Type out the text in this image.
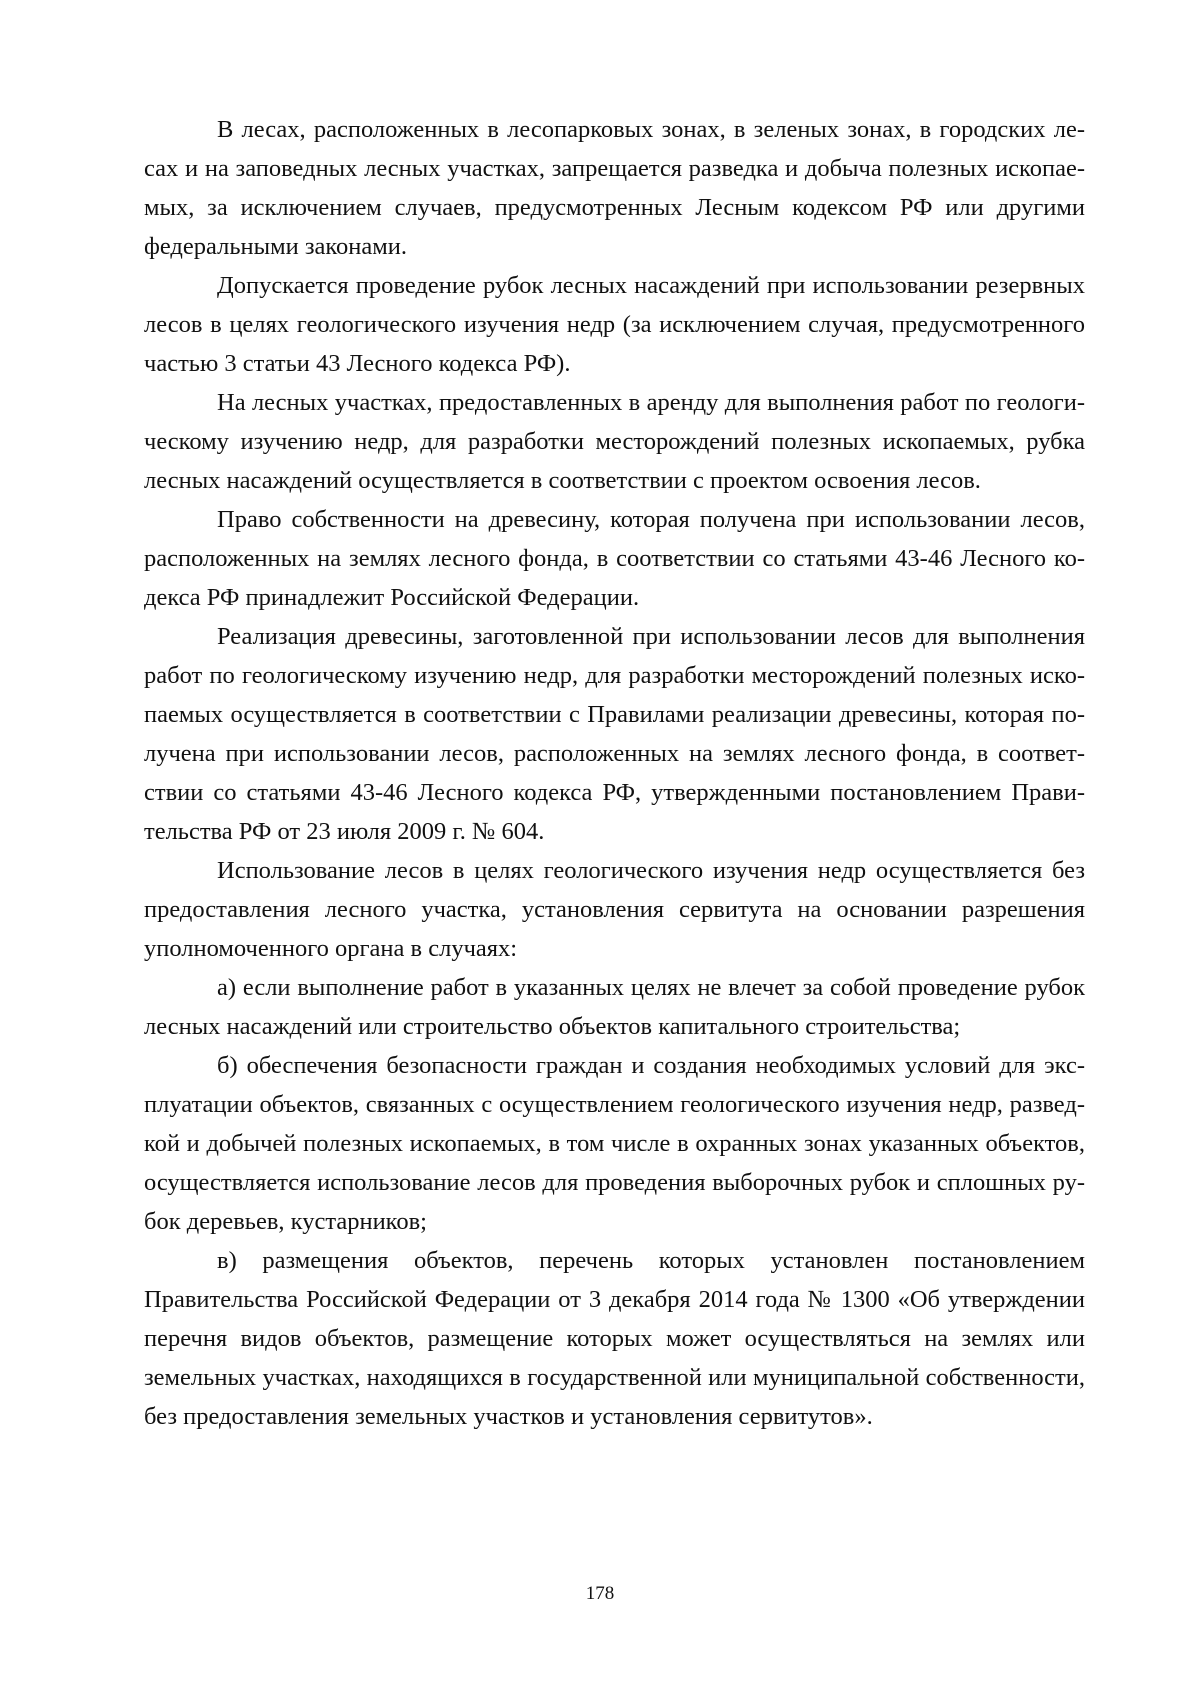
В лесах, расположенных в лесопарковых зонах, в зеленых зонах, в городских лесах и на заповедных лесных участках, запрещается разведка и добыча полезных ископаемых, за исключением случаев, предусмотренных Лесным кодексом РФ или другими федеральными законами.

Допускается проведение рубок лесных насаждений при использовании резервных лесов в целях геологического изучения недр (за исключением случая, предусмотренного частью 3 статьи 43 Лесного кодекса РФ).

На лесных участках, предоставленных в аренду для выполнения работ по геологическому изучению недр, для разработки месторождений полезных ископаемых, рубка лесных насаждений осуществляется в соответствии с проектом освоения лесов.

Право собственности на древесину, которая получена при использовании лесов, расположенных на землях лесного фонда, в соответствии со статьями 43-46 Лесного кодекса РФ принадлежит Российской Федерации.

Реализация древесины, заготовленной при использовании лесов для выполнения работ по геологическому изучению недр, для разработки месторождений полезных ископаемых осуществляется в соответствии с Правилами реализации древесины, которая получена при использовании лесов, расположенных на землях лесного фонда, в соответствии со статьями 43-46 Лесного кодекса РФ, утвержденными постановлением Правительства РФ от 23 июля 2009 г. № 604.

Использование лесов в целях геологического изучения недр осуществляется без предоставления лесного участка, установления сервитута на основании разрешения уполномоченного органа в случаях:

а) если выполнение работ в указанных целях не влечет за собой проведение рубок лесных насаждений или строительство объектов капитального строительства;

б) обеспечения безопасности граждан и создания необходимых условий для эксплуатации объектов, связанных с осуществлением геологического изучения недр, разведкой и добычей полезных ископаемых, в том числе в охранных зонах указанных объектов, осуществляется использование лесов для проведения выборочных рубок и сплошных рубок деревьев, кустарников;

в) размещения объектов, перечень которых установлен постановлением Правительства Российской Федерации от 3 декабря 2014 года № 1300 «Об утверждении перечня видов объектов, размещение которых может осуществляться на землях или земельных участках, находящихся в государственной или муниципальной собственности, без предоставления земельных участков и установления сервитутов».

178
